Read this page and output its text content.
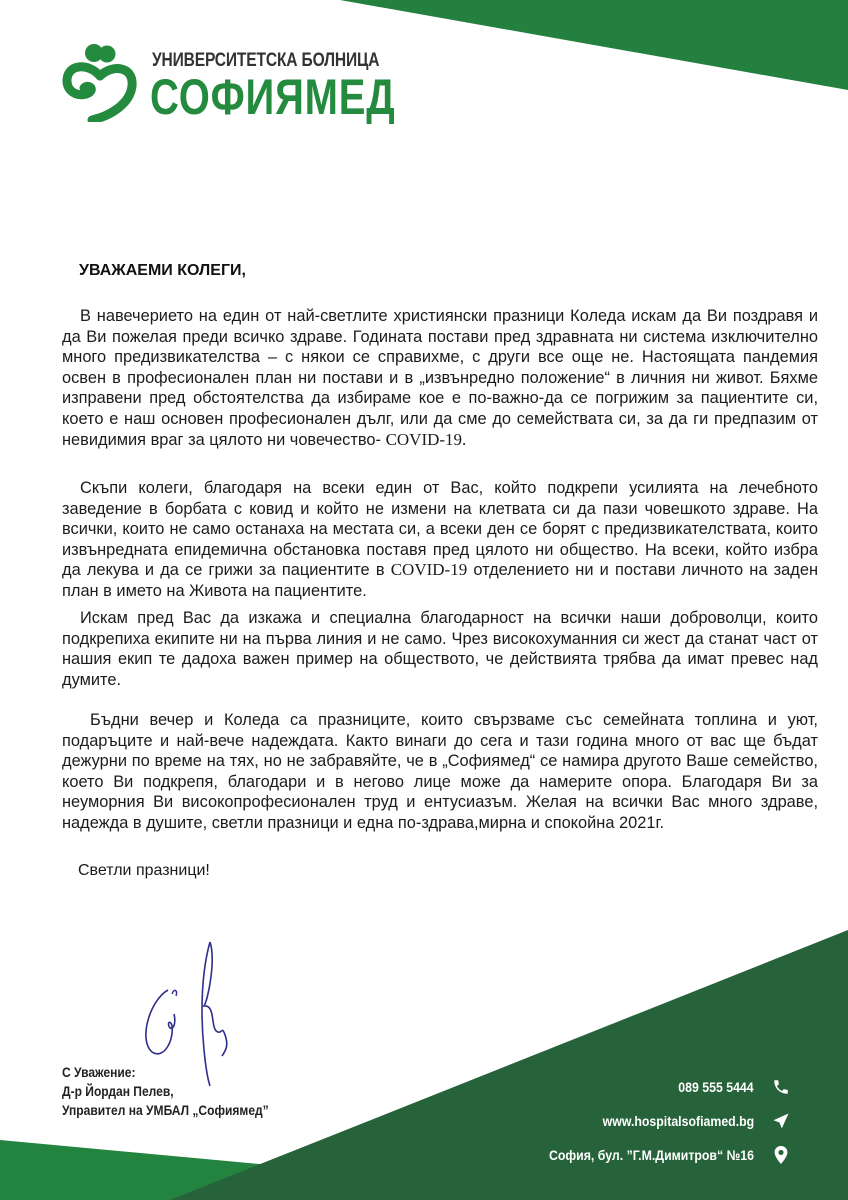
УНИВЕРСИТЕТСКА БОЛНИЦА
СОФИЯМЕД
УВАЖАЕМИ КОЛЕГИ,
В навечерието на един от най-светлите християнски празници Коледа искам да Ви поздравя и да Ви пожелая преди всичко здраве. Годината постави пред здравната ни система изключително много предизвикателства – с някои се справихме, с други все още не. Настоящата пандемия освен в професионален план ни постави и в „извънредно положение“ в личния ни живот. Бяхме изправени пред обстоятелства да избираме кое е по-важно-да се погрижим за пациентите си, което е наш основен професионален дълг, или да сме до семействата си, за да ги предпазим от невидимия враг за цялото ни човечество- COVID-19.
Скъпи колеги, благодаря на всеки един от Вас, който подкрепи усилията на лечебното заведение в борбата с ковид и който не измени на клетвата си да пази човешкото здраве. На всички, които не само останаха на местата си, а всеки ден се борят с предизвикателствата, които извънредната епидемична обстановка поставя пред цялото ни общество. На всеки, който избра да лекува и да се грижи за пациентите в COVID-19 отделението ни и постави личното на заден план в името на Живота на пациентите.
Искам пред Вас да изкажа и специална благодарност на всички наши доброволци, които подкрепиха екипите ни на първа линия и не само. Чрез високохуманния си жест да станат част от нашия екип те дадоха важен пример на обществото, че действията трябва да имат превес над думите.
Бъдни вечер и Коледа са празниците, които свързваме със семейната топлина и уют, подаръците и най-вече надеждата. Както винаги до сега и тази година много от вас ще бъдат дежурни по време на тях, но не забравяйте, че в „Софиямед“ се намира другото Ваше семейство, което Ви подкрепя, благодари и в негово лице може да намерите опора. Благодаря Ви за неуморния Ви високопрофесионален труд и ентусиазъм. Желая на всички Вас много здраве, надежда в душите, светли празници и една по-здрава,мирна и спокойна 2021г.
Светли празници!
С Уважение:
Д-р Йордан Пелев,
Управител на УМБАЛ „Софиямед”
089 555 5444
www.hospitalsofiamed.bg
София, бул. ”Г.М.Димитров“ №16
